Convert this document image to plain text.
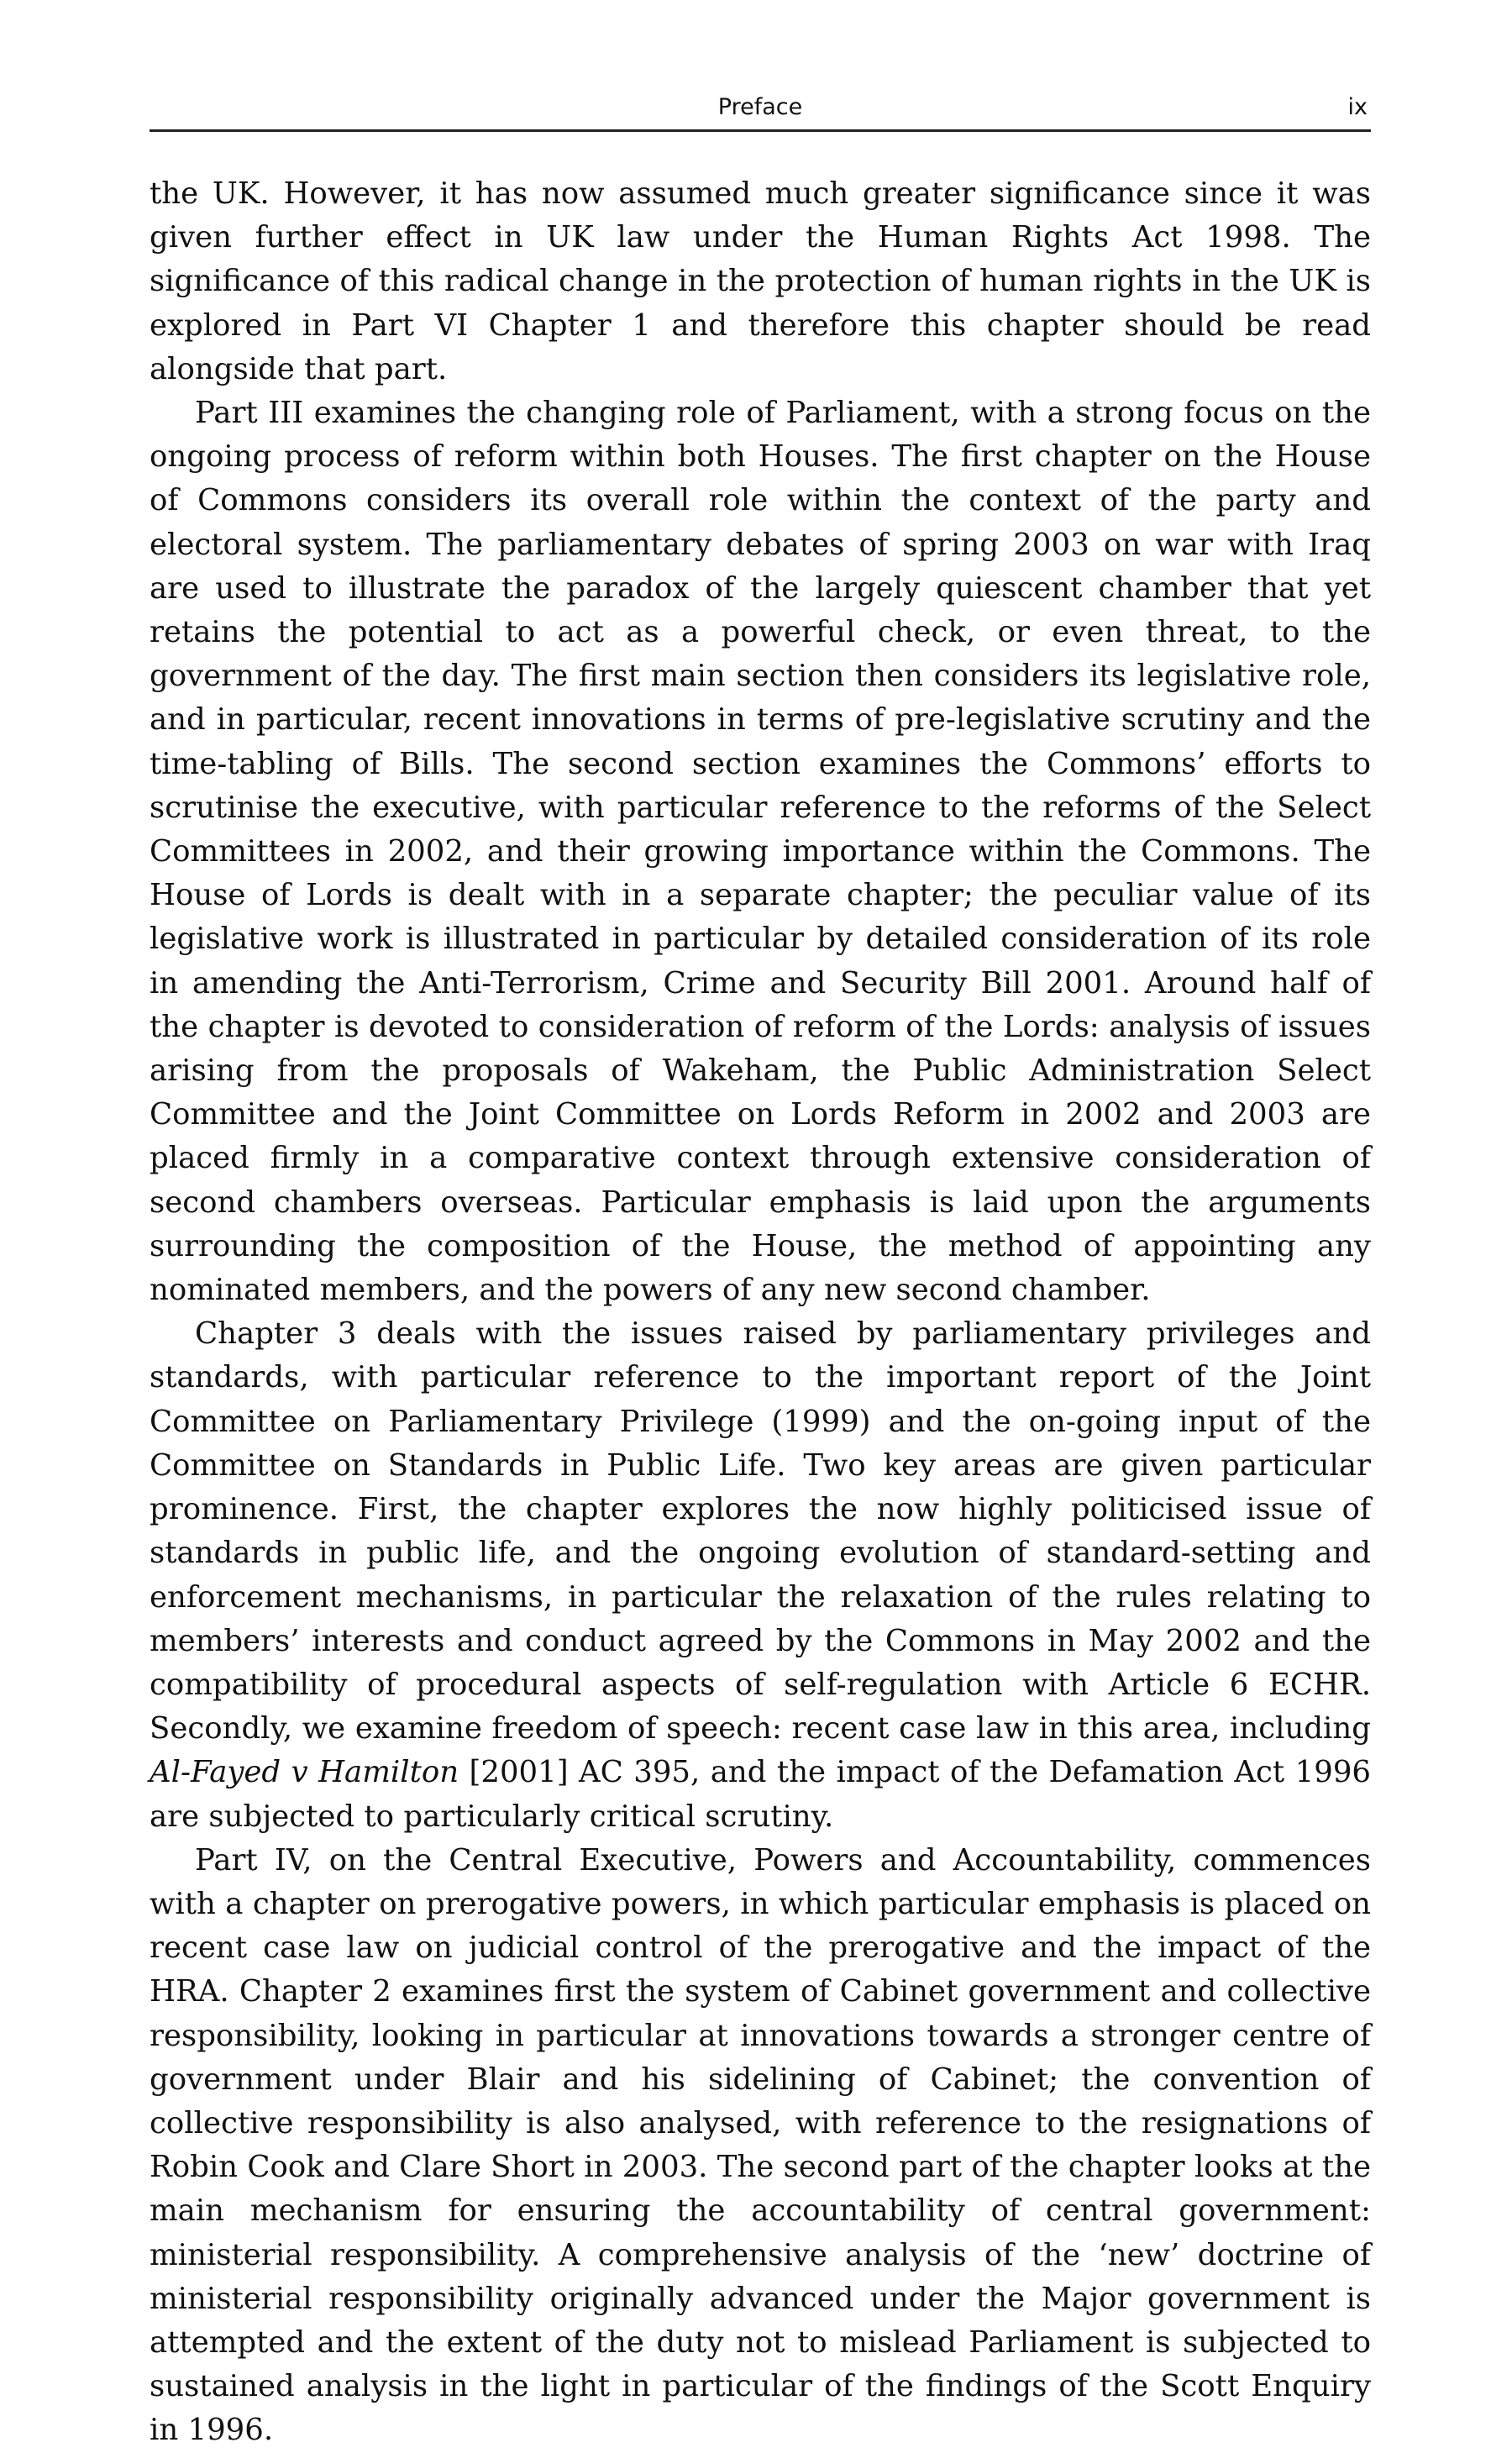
Preface	ix

the UK. However, it has now assumed much greater significance since it was given further effect in UK law under the Human Rights Act 1998. The significance of this radical change in the protection of human rights in the UK is explored in Part VI Chapter 1 and therefore this chapter should be read alongside that part.

Part III examines the changing role of Parliament, with a strong focus on the ongoing process of reform within both Houses. The first chapter on the House of Commons considers its overall role within the context of the party and electoral system. The parliamentary debates of spring 2003 on war with Iraq are used to illustrate the paradox of the largely quiescent chamber that yet retains the potential to act as a powerful check, or even threat, to the government of the day. The first main section then considers its legislative role, and in particular, recent innovations in terms of pre-legislative scrutiny and the time-tabling of Bills. The second section examines the Commons’ efforts to scrutinise the executive, with particular reference to the reforms of the Select Committees in 2002, and their growing importance within the Commons. The House of Lords is dealt with in a separate chapter; the peculiar value of its legislative work is illustrated in particular by detailed consideration of its role in amending the Anti-Terrorism, Crime and Security Bill 2001. Around half of the chapter is devoted to consideration of reform of the Lords: analysis of issues arising from the proposals of Wakeham, the Public Administration Select Committee and the Joint Committee on Lords Reform in 2002 and 2003 are placed firmly in a comparative context through extensive consideration of second chambers overseas. Particular emphasis is laid upon the arguments surrounding the composition of the House, the method of appointing any nominated members, and the powers of any new second chamber.

Chapter 3 deals with the issues raised by parliamentary privileges and standards, with particular reference to the important report of the Joint Committee on Parliamentary Privilege (1999) and the on-going input of the Committee on Standards in Public Life. Two key areas are given particular prominence. First, the chapter explores the now highly politicised issue of standards in public life, and the ongoing evolution of standard-setting and enforcement mechanisms, in particular the relaxation of the rules relating to members’ interests and conduct agreed by the Commons in May 2002 and the compatibility of procedural aspects of self-regulation with Article 6 ECHR. Secondly, we examine freedom of speech: recent case law in this area, including Al-Fayed v Hamilton [2001] AC 395, and the impact of the Defamation Act 1996 are subjected to particularly critical scrutiny.

Part IV, on the Central Executive, Powers and Accountability, commences with a chapter on prerogative powers, in which particular emphasis is placed on recent case law on judicial control of the prerogative and the impact of the HRA. Chapter 2 examines first the system of Cabinet government and collective responsibility, looking in particular at innovations towards a stronger centre of government under Blair and his sidelining of Cabinet; the convention of collective responsibility is also analysed, with reference to the resignations of Robin Cook and Clare Short in 2003. The second part of the chapter looks at the main mechanism for ensuring the accountability of central government: ministerial responsibility. A comprehensive analysis of the ‘new’ doctrine of ministerial responsibility originally advanced under the Major government is attempted and the extent of the duty not to mislead Parliament is subjected to sustained analysis in the light in particular of the findings of the Scott Enquiry in 1996.
